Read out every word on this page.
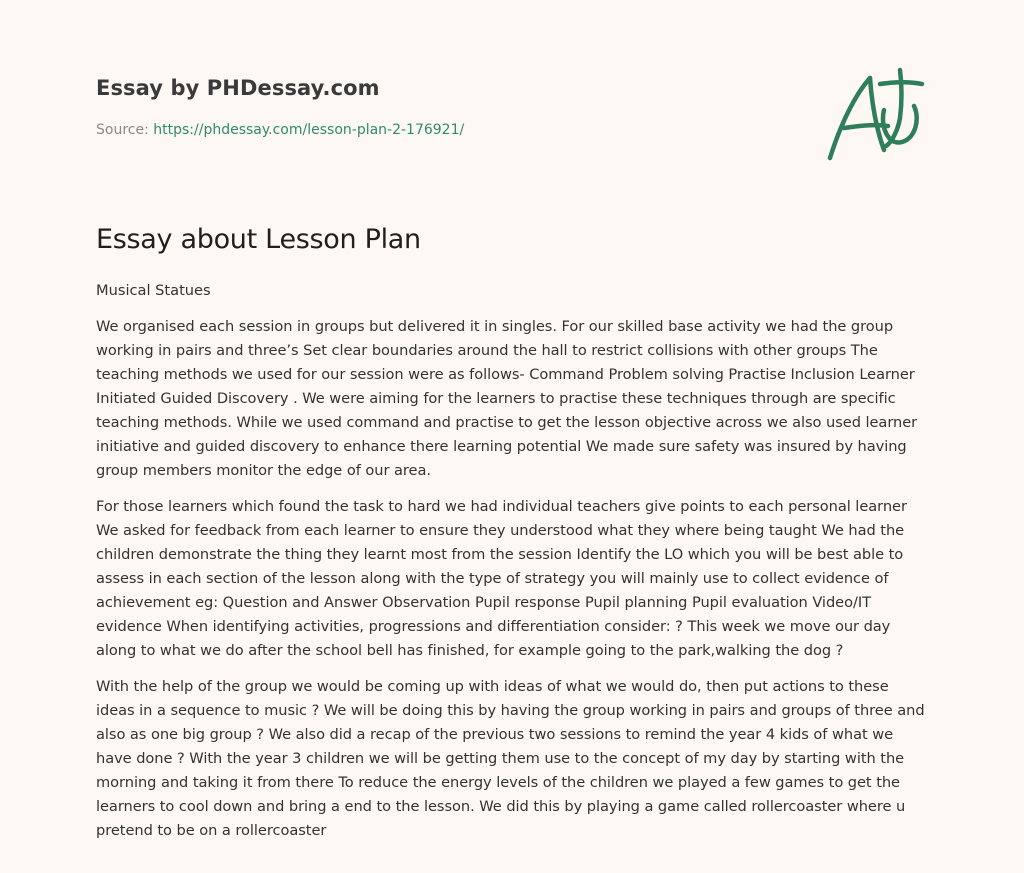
Essay by PHDessay.com
Source: https://phdessay.com/lesson-plan-2-176921/
Essay about Lesson Plan

Musical Statues

We organised each session in groups but delivered it in singles. For our skilled base activity we had the group working in pairs and three’s Set clear boundaries around the hall to restrict collisions with other groups The teaching methods we used for our session were as follows- Command Problem solving Practise Inclusion Learner Initiated Guided Discovery . We were aiming for the learners to practise these techniques through are specific teaching methods. While we used command and practise to get the lesson objective across we also used learner initiative and guided discovery to enhance there learning potential We made sure safety was insured by having group members monitor the edge of our area.

For those learners which found the task to hard we had individual teachers give points to each personal learner We asked for feedback from each learner to ensure they understood what they where being taught We had the children demonstrate the thing they learnt most from the session Identify the LO which you will be best able to assess in each section of the lesson along with the type of strategy you will mainly use to collect evidence of achievement eg: Question and Answer Observation Pupil response Pupil planning Pupil evaluation Video/IT evidence When identifying activities, progressions and differentiation consider: ? This week we move our day along to what we do after the school bell has finished, for example going to the park,walking the dog ?

With the help of the group we would be coming up with ideas of what we would do, then put actions to these ideas in a sequence to music ? We will be doing this by having the group working in pairs and groups of three and also as one big group ? We also did a recap of the previous two sessions to remind the year 4 kids of what we have done ? With the year 3 children we will be getting them use to the concept of my day by starting with the morning and taking it from there To reduce the energy levels of the children we played a few games to get the learners to cool down and bring a end to the lesson. We did this by playing a game called rollercoaster where u pretend to be on a rollercoaster
